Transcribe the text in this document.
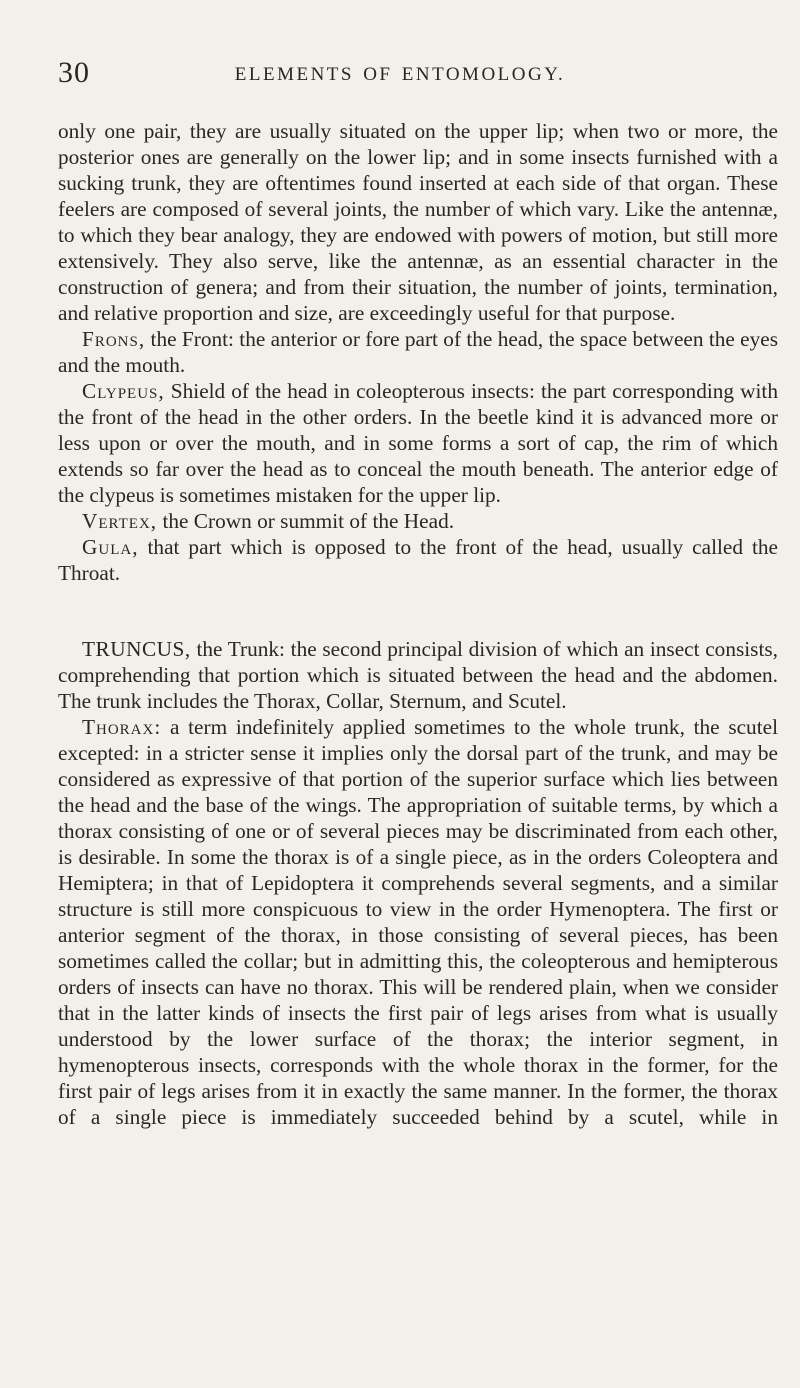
30	ELEMENTS OF ENTOMOLOGY.

only one pair, they are usually situated on the upper lip; when two or more, the posterior ones are generally on the lower lip; and in some insects furnished with a sucking trunk, they are oftentimes found inserted at each side of that organ. These feelers are composed of several joints, the number of which vary. Like the antennæ, to which they bear analogy, they are endowed with powers of motion, but still more extensively. They also serve, like the antennæ, as an essential character in the construction of genera; and from their situation, the number of joints, termination, and relative proportion and size, are exceedingly useful for that purpose.

Frons, the Front: the anterior or fore part of the head, the space between the eyes and the mouth.

Clypeus, Shield of the head in coleopterous insects: the part corresponding with the front of the head in the other orders. In the beetle kind it is advanced more or less upon or over the mouth, and in some forms a sort of cap, the rim of which extends so far over the head as to conceal the mouth beneath. The anterior edge of the clypeus is sometimes mistaken for the upper lip.

Vertex, the Crown or summit of the Head.

Gula, that part which is opposed to the front of the head, usually called the Throat.

TRUNCUS, the Trunk: the second principal division of which an insect consists, comprehending that portion which is situated between the head and the abdomen. The trunk includes the Thorax, Collar, Sternum, and Scutel.

Thorax: a term indefinitely applied sometimes to the whole trunk, the scutel excepted: in a stricter sense it implies only the dorsal part of the trunk, and may be considered as expressive of that portion of the superior surface which lies between the head and the base of the wings. The appropriation of suitable terms, by which a thorax consisting of one or of several pieces may be discriminated from each other, is desirable. In some the thorax is of a single piece, as in the orders Coleoptera and Hemiptera; in that of Lepidoptera it comprehends several segments, and a similar structure is still more conspicuous to view in the order Hymenoptera. The first or anterior segment of the thorax, in those consisting of several pieces, has been sometimes called the collar; but in admitting this, the coleopterous and hemipterous orders of insects can have no thorax. This will be rendered plain, when we consider that in the latter kinds of insects the first pair of legs arises from what is usually understood by the lower surface of the thorax; the interior segment, in hymenopterous insects, corresponds with the whole thorax in the former, for the first pair of legs arises from it in exactly the same manner. In the former, the thorax of a single piece is immediately succeeded behind by a scutel, while in
